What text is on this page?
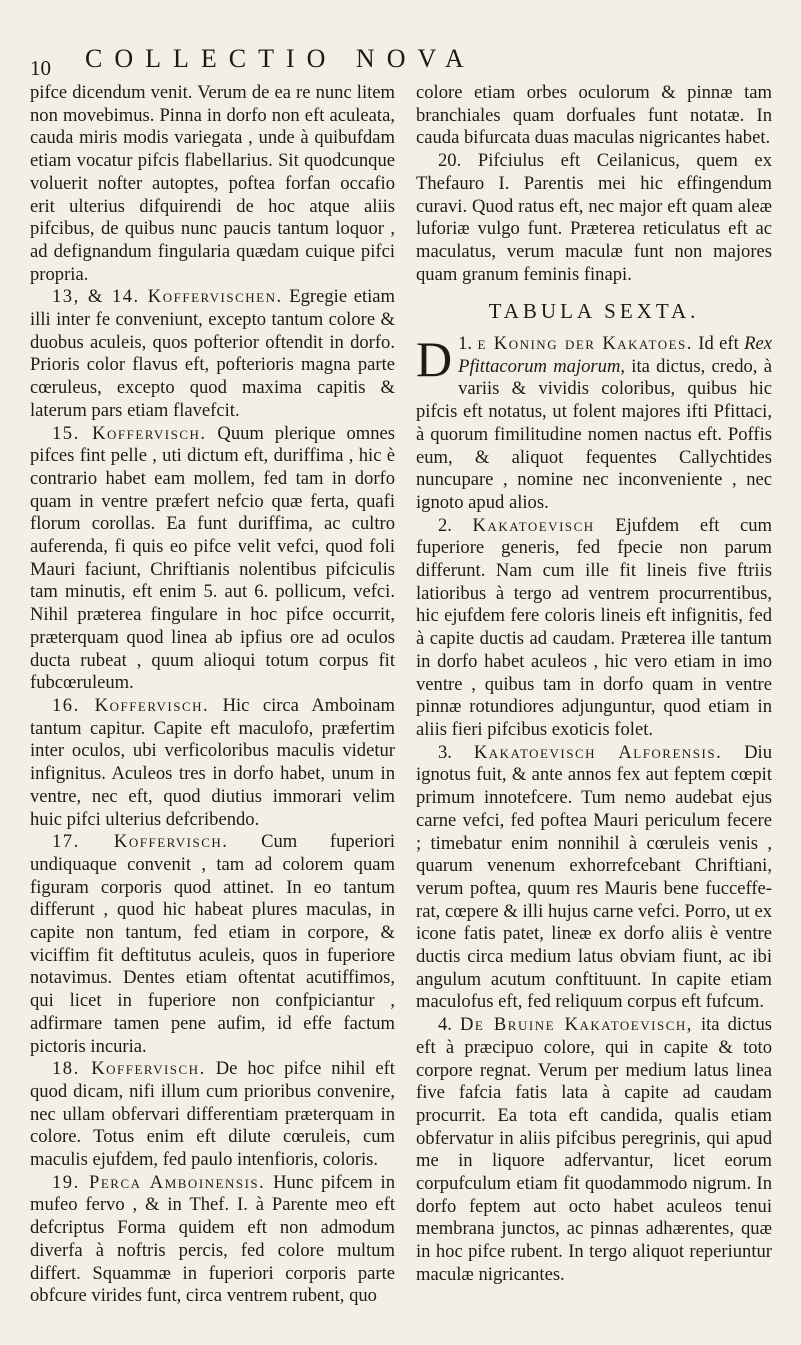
10 COLLECTIO NOVA

pifce dicendum venit. Verum de ea re nunc litem non movebimus. Pinna in dorfo non eft aculeata, cauda miris modis variegata , unde à quibufdam etiam vocatur pifcis flabellarius. Sit quodcunque voluerit nofter autoptes, poftea forfan occafio erit ulterius difquirendi de hoc atque aliis pifcibus, de quibus nunc paucis tantum loquor , ad defignandum fingularia quædam cuique pifci propria.

13, & 14. Koffervischen. Egregie etiam illi inter fe conveniunt, excepto tantum colore & duobus aculeis, quos pofterior oftendit in dorfo. Prioris color flavus eft, pofterioris magna parte cœruleus, excepto quod maxima capitis & laterum pars etiam flavefcit.

15. Koffervisch. Quum plerique omnes pifces fint pelle , uti dictum eft, duriffima , hic è contrario habet eam mollem, fed tam in dorfo quam in ventre præfert nefcio quæ ferta, quafi florum corollas. Ea funt duriffima, ac cultro auferenda, fi quis eo pifce velit vefci, quod foli Mauri faciunt, Chriftianis nolentibus pifciculis tam minutis, eft enim 5. aut 6. pollicum, vefci. Nihil præterea fingulare in hoc pifce occurrit, præterquam quod linea ab ipfius ore ad oculos ducta rubeat , quum alioqui totum corpus fit fubcœruleum.

16. Koffervisch. Hic circa Amboinam tantum capitur. Capite eft maculofo, præfertim inter oculos, ubi verficoloribus maculis videtur infignitus. Aculeos tres in dorfo habet, unum in ventre, nec eft, quod diutius immorari velim huic pifci ulterius defcribendo.

17. Koffervisch. Cum fuperiori undiquaque convenit , tam ad colorem quam figuram corporis quod attinet. In eo tantum differunt , quod hic habeat plures maculas, in capite non tantum, fed etiam in corpore, & viciffim fit deftitutus aculeis, quos in fuperiore notavimus. Dentes etiam oftentat acutiffimos, qui licet in fuperiore non confpiciantur , adfirmare tamen pene aufim, id effe factum pictoris incuria.

18. Koffervisch. De hoc pifce nihil eft quod dicam, nifi illum cum prioribus convenire, nec ullam obfervari differentiam præterquam in colore. Totus enim eft dilute cœruleis, cum maculis ejufdem, fed paulo intenfioris, coloris.

19. Perca Amboinensis. Hunc pifcem in mufeo fervo , & in Thef. I. à Parente meo eft defcriptus Forma quidem eft non admodum diverfa à noftris percis, fed colore multum differt. Squammæ in fuperiori corporis parte obfcure virides funt, circa ventrem rubent, quo

colore etiam orbes oculorum & pinnæ tam branchiales quam dorfuales funt notatæ. In cauda bifurcata duas maculas nigricantes habet.

20. Pifciulus eft Ceilanicus, quem ex Thefauro I. Parentis mei hic effingendum curavi. Quod ratus eft, nec major eft quam aleæ luforiæ vulgo funt. Præterea reticulatus eft ac maculatus, verum maculæ funt non majores quam granum feminis finapi.

TABULA SEXTA.

1.
D e Koning der Kakatoes. Id eft Rex Pfittacorum majorum, ita dictus, credo, à variis & vividis coloribus, quibus hic pifcis eft notatus, ut folent majores ifti Pfittaci, à quorum fimilitudine nomen nactus eft. Poffis eum, & aliquot fequentes Callychtides nuncupare , nomine nec inconveniente , nec ignoto apud alios.

2. Kakatoevisch Ejufdem eft cum fuperiore generis, fed fpecie non parum differunt. Nam cum ille fit lineis five ftriis latioribus à tergo ad ventrem procurrentibus, hic ejufdem fere coloris lineis eft infignitis, fed à capite ductis ad caudam. Præterea ille tantum in dorfo habet aculeos , hic vero etiam in imo ventre , quibus tam in dorfo quam in ventre pinnæ rotundiores adjunguntur, quod etiam in aliis fieri pifcibus exoticis folet.

3. Kakatoevisch Alforensis. Diu ignotus fuit, & ante annos fex aut feptem cœpit primum innotefcere. Tum nemo audebat ejus carne vefci, fed poftea Mauri periculum fecere ; timebatur enim nonnihil à cœruleis venis , quarum venenum exhorrefcebant Chriftiani, verum poftea, quum res Mauris bene fucceffe-rat, cœpere & illi hujus carne vefci. Porro, ut ex icone fatis patet, lineæ ex dorfo aliis è ventre ductis circa medium latus obviam fiunt, ac ibi angulum acutum conftituunt. In capite etiam maculofus eft, fed reliquum corpus eft fufcum.

4. De Bruine Kakatoevisch, ita dictus eft à præcipuo colore, qui in capite & toto corpore regnat. Verum per medium latus linea five fafcia fatis lata à capite ad caudam procurrit. Ea tota eft candida, qualis etiam obfervatur in aliis pifcibus peregrinis, qui apud me in liquore adfervantur, licet eorum corpufculum etiam fit quodammodo nigrum. In dorfo feptem aut octo habet aculeos tenui membrana junctos, ac pinnas adhærentes, quæ in hoc pifce rubent. In tergo aliquot reperiuntur maculæ nigricantes.
